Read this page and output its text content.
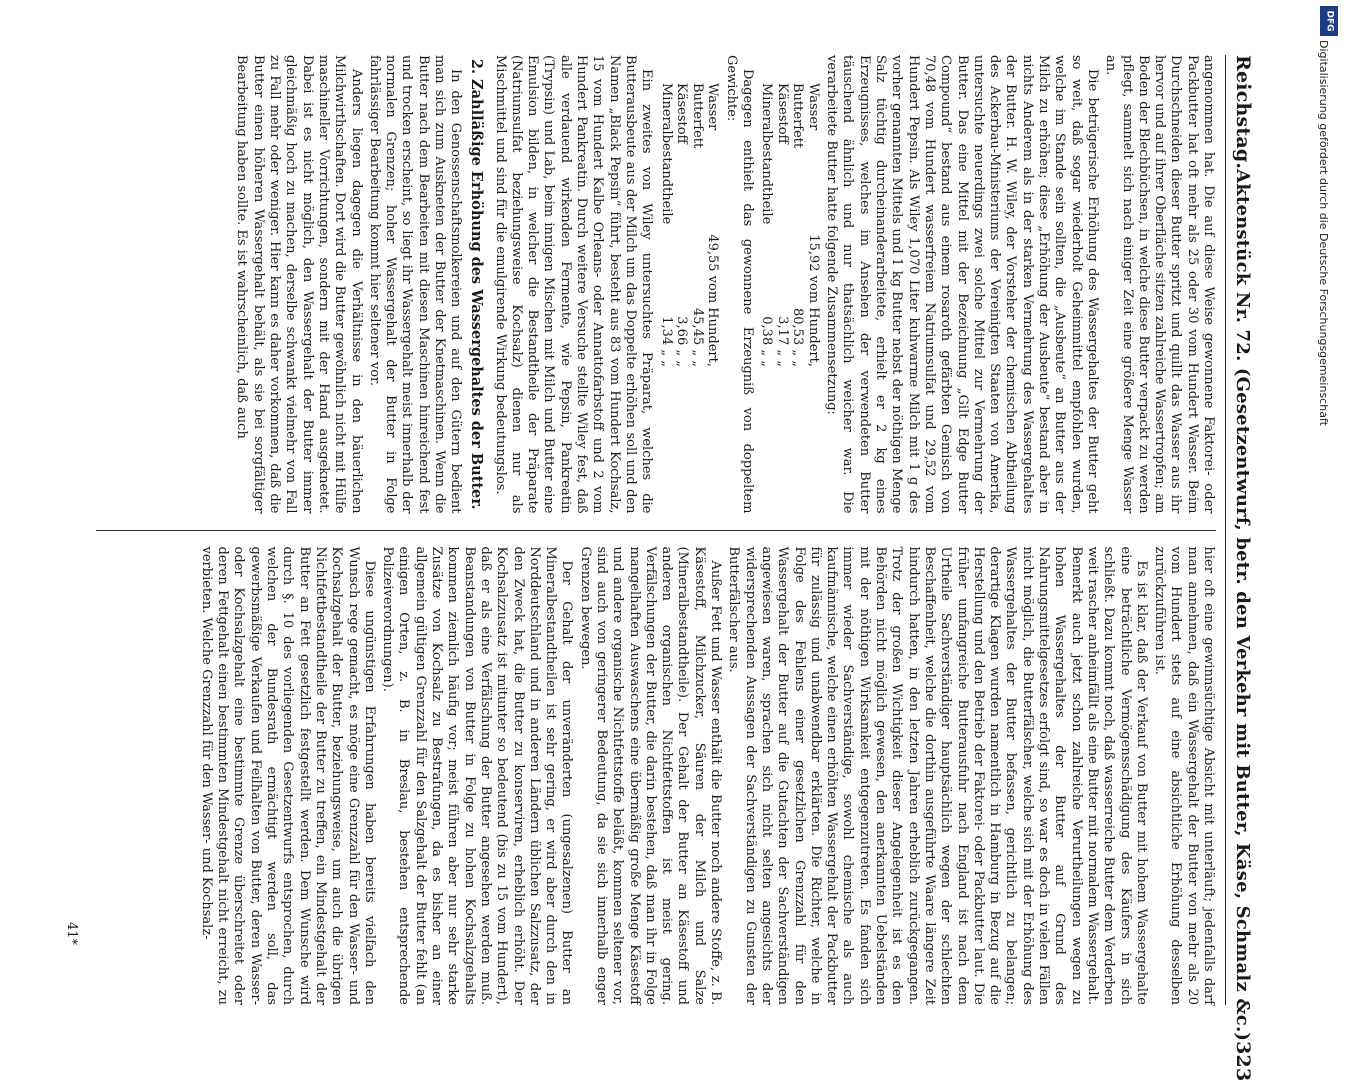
Reichstag.
Aktenstück Nr. 72. (Gesetzentwurf, betr. den Verkehr mit Butter, Käse, Schmalz &c.)
323

angenommen hat. Die auf diese Weise gewonnene Faktorei- oder Packbutter hat oft mehr als 25 oder 30 vom Hundert Wasser. Beim Durchschneiden dieser Butter spritzt und quillt das Wasser aus ihr hervor und auf ihrer Oberfläche sitzen zahlreiche Wassertropfen; am Boden der Blechbüchsen, in welche diese Butter verpackt zu werden pflegt, sammelt sich nach einiger Zeit eine größere Menge Wasser an.

Die betrügerische Erhöhung des Wassergehaltes der Butter geht so weit, daß sogar wiederholt Geheimmittel empfohlen wurden, welche im Stande sein sollten, die „Ausbeute“ an Butter aus der Milch zu erhöhen; diese „Erhöhung der Ausbeute“ bestand aber in nichts Anderem als in der starken Vermehrung des Wassergehaltes der Butter. H. W. Wiley, der Vorsteher der chemischen Abtheilung des Ackerbau-Ministeriums der Vereinigten Staaten von Amerika, untersuchte neuerdings zwei solche Mittel zur Vermehrung der Butter. Das eine Mittel mit der Bezeichnung „Gilt Edge Butter Compound“ bestand aus einem rosaroth gefärbten Gemisch von 70,48 vom Hundert wasserfreiem Natriumsulfat und 29,52 vom Hundert Pepsin. Als Wiley 1,070 Liter kuhwarme Milch mit 1 g des vorher genannten Mittels und 1 kg Butter nebst der nöthigen Menge Salz tüchtig durcheinanderarbeitete, erhielt er 2 kg eines Erzeugnisses, welches im Ansehen der verwendeten Butter täuschend ähnlich und nur thatsächlich weicher war. Die verarbeitete Butter hatte folgende Zusammensetzung:

Wasser	15,92 vom Hundert,
Butterfett	80,53 „ „
Käsestoff	3,17 „ „
Mineralbestandtheile	0,38 „ „

Dagegen enthielt das gewonnene Erzeugniß von doppeltem Gewichte:

Wasser	49,55 vom Hundert,
Butterfett	45,45 „ „
Käsestoff	3,66 „ „
Mineralbestandtheile	1,34 „ „

Ein zweites von Wiley untersuchtes Präparat, welches die Butterausbeute aus der Milch um das Doppelte erhöhen soll und den Namen „Black Pepsin“ führt, besteht aus 83 vom Hundert Kochsalz, 15 vom Hundert Kalbe Orleans- oder Annattofarbstoff und 2 vom Hundert Pankreatin. Durch weitere Versuche stellte Wiley fest, daß alle verdauend wirkenden Fermente, wie Pepsin, Pankreatin (Trypsin) und Lab, beim innigen Mischen mit Milch und Butter eine Emulsion bilden, in welcher die Bestandtheile der Präparate (Natriumsulfat beziehungsweise Kochsalz) dienen nur als Mischmittel und sind für die emulgirende Wirkung bedeutungslos.

2. Zahlläßige Erhöhung des Wassergehaltes der Butter.

In den Genossenschaftsmolkereien und auf den Gütern bedient man sich zum Auskneten der Butter der Knetmaschinen. Wenn die Butter nach dem Bearbeiten mit diesen Maschinen hinreichend fest und trocken erscheint, so liegt ihr Wassergehalt meist innerhalb der normalen Grenzen; hoher Wassergehalt der Butter in Folge fahrlässiger Bearbeitung kommt hier seltener vor.

Anders liegen dagegen die Verhältnisse in den bäuerlichen Milchwirthschaften. Dort wird die Butter gewöhnlich nicht mit Hülfe maschineller Vorrichtungen, sondern mit der Hand ausgeknetet. Dabei ist es nicht möglich, den Wassergehalt der Butter immer gleichmäßig hoch zu machen, derselbe schwankt vielmehr von Fall zu Fall mehr oder weniger. Hier kann es daher vorkommen, daß die Butter einen höheren Wassergehalt behält, als sie bei sorgfältiger Bearbeitung haben sollte. Es ist wahrscheinlich, daß auch

hier oft eine gewinnsüchtige Absicht mit unterläuft; jedenfalls darf man annehmen, daß ein Wassergehalt der Butter von mehr als 20 vom Hundert stets auf eine absichtliche Erhöhung desselben zurückzuführen ist.

Es ist klar, daß der Verkauf von Butter mit hohem Wassergehalte eine beträchtliche Vermögensschädigung des Käufers in sich schließt. Dazu kommt noch, daß wasserreiche Butter dem Verderben weit rascher anheimfällt als eine Butter mit normalem Wassergehalt. Bemerkt auch jetzt schon zahlreiche Verurtheilungen wegen zu hohen Wassergehaltes der Butter auf Grund des Nahrungsmittelgesetzes erfolgt sind, so war es doch in vielen Fällen nicht möglich, die Butterfälscher, welche sich mit der Erhöhung des Wassergehaltes der Butter befassen, gerichtlich zu belangen; derartige Klagen wurden namentlich in Hamburg in Bezug auf die Herstellung und den Betrieb der Faktorei- oder Packbutter laut. Die früher umfangreiche Butterausfuhr nach England ist nach dem Urtheile Sachverständiger hauptsächlich wegen der schlechten Beschaffenheit, welche die dorthin ausgeführte Waare längere Zeit hindurch hatten, in den letzten Jahren erheblich zurückgegangen. Trotz der großen Wichtigkeit dieser Angelegenheit ist es den Behörden nicht möglich gewesen, den anerkannten Uebelständen mit der nöthigen Wirksamkeit entgegenzutreten. Es fanden sich immer wieder Sachverständige, sowohl chemische als auch kaufmännische, welche einen erhöhten Wassergehalt der Packbutter für zulässig und unabwendbar erklärten. Die Richter, welche in Folge des Fehlens einer gesetzlichen Grenzzahl für den Wassergehalt der Butter auf die Gutachten der Sachverständigen angewiesen waren, sprachen sich nicht selten angesichts der widersprechenden Aussagen der Sachverständigen zu Gunsten der Butterfälscher aus.

Außer Fett und Wasser enthält die Butter noch andere Stoffe, z. B. Käsestoff, Milchzucker, Säuren der Milch und Salze (Mineralbestandtheile). Der Gehalt der Butter an Käsestoff und anderen organischen Nichtfettstoffen ist meist gering. Verfälschungen der Butter, die darin bestehen, daß man ihr in Folge mangelhaften Auswaschens eine übermäßig große Menge Käsestoff und andere organische Nichtfettstoffe beläßt, kommen seltener vor, sind auch von geringerer Bedeutung, da sie sich innerhalb enger Grenzen bewegen.

Der Gehalt der unveränderten (ungesalzenen) Butter an Mineralbestandtheilen ist sehr gering, er wird aber durch den in Norddeutschland und in anderen Ländern üblichen Salzzusatz, der den Zweck hat, die Butter zu konserviren, erheblich erhöht. Der Kochsalzzusatz ist mitunter so bedeutend (bis zu 15 vom Hundert), daß er als eine Verfälschung der Butter angesehen werden muß. Beanstandungen von Butter in Folge zu hohen Kochsalzgehalts kommen ziemlich häufig vor; meist führen aber nur sehr starke Zusätze von Kochsalz zu Bestrafungen, da es bisher an einer allgemein gültigen Grenzzahl für den Salzgehalt der Butter fehlt (an einigen Orten, z. B. in Breslau, bestehen entsprechende Polizeiverordnungen).

Diese ungünstigen Erfahrungen haben bereits vielfach den Wunsch rege gemacht, es möge eine Grenzzahl für den Wasser- und Kochsalzgehalt der Butter, beziehungsweise, um auch die übrigen Nichtfettbestandtheile der Butter zu treffen, ein Mindestgehalt der Butter an Fett gesetzlich festgestellt werden. Dem Wunsche wird durch §. 10 des vorliegenden Gesetzentwurfs entsprochen, durch welchen der Bundesrath ermächtigt werden soll, das gewerbsmäßige Verkaufen und Feilhalten von Butter, deren Wasser- oder Kochsalzgehalt eine bestimmte Grenze überschreitet oder deren Fettgehalt einen bestimmten Mindestgehalt nicht erreicht, zu verbieten. Welche Grenzzahl für den Wasser- und Kochsalz-

41*
DFG
Digitalisierung gefördert durch die Deutsche Forschungsgemeinschaft
